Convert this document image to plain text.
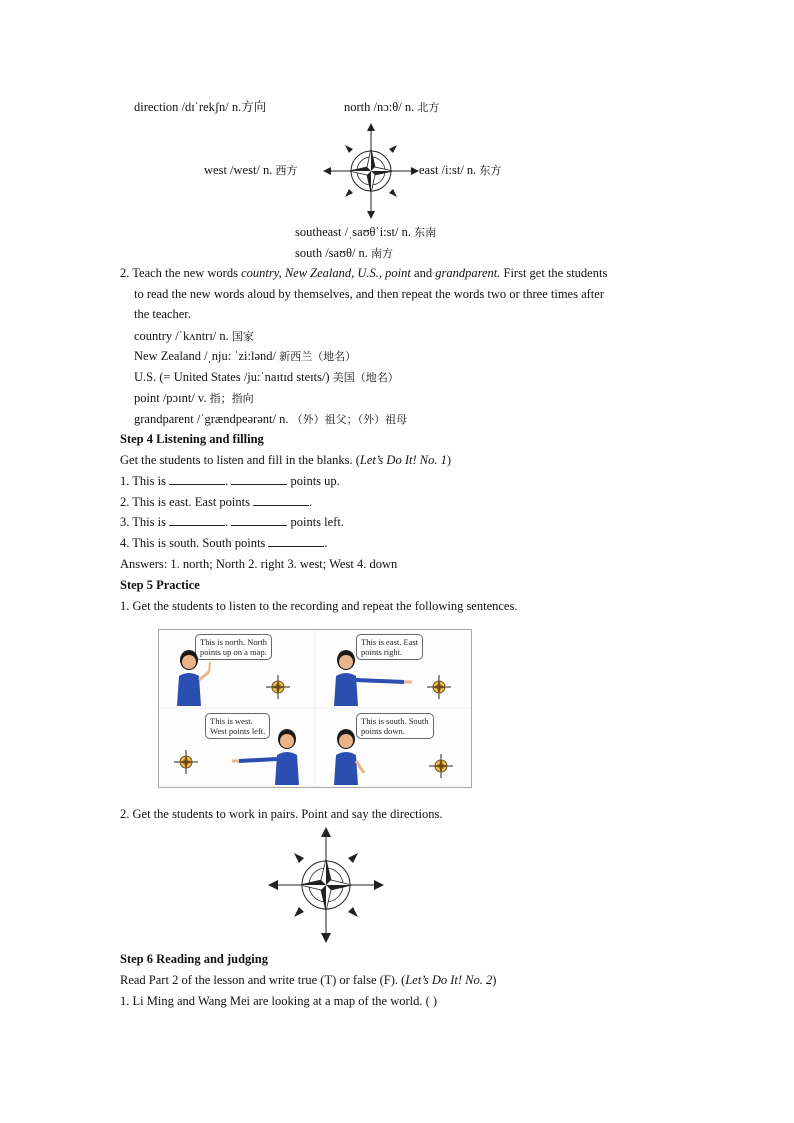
direction /dɪˈrekʃn/ n.方向	north /nɔ:θ/ n. 北方
west /west/ n. 西方	east /i:st/ n. 东方
southeast /ˌsaʊθˈi:st/ n. 东南
south /saʊθ/ n. 南方
2. Teach the new words country, New Zealand, U.S., point and grandparent. First get the students
to read the new words aloud by themselves, and then repeat the words two or three times after
the teacher.
country /ˈkʌntrɪ/ n. 国家
New Zealand /ˌnju: ˈzi:lənd/ 新西兰（地名）
U.S. (= United States /ju:ˈnaɪtɪd steɪts/) 美国（地名）
point /pɔɪnt/ v. 指；指向
grandparent /ˈgrændpeərənt/ n. （外）祖父；（外）祖母
Step 4 Listening and filling
Get the students to listen and fill in the blanks. (Let’s Do It! No. 1)
1. This is	.	points up.
2. This is east. East points	.
3. This is	.	points left.
4. This is south. South points	.
Answers: 1. north; North 2. right 3. west; West 4. down
Step 5 Practice
1. Get the students to listen to the recording and repeat the following sentences.
This is north. North
points up on a map.
This is east. East
points right.
This is west.
West points left.
This is south. South
points down.
2. Get the students to work in pairs. Point and say the directions.
Step 6 Reading and judging
Read Part 2 of the lesson and write true (T) or false (F). (Let’s Do It! No. 2)
1. Li Ming and Wang Mei are looking at a map of the world. ( )
